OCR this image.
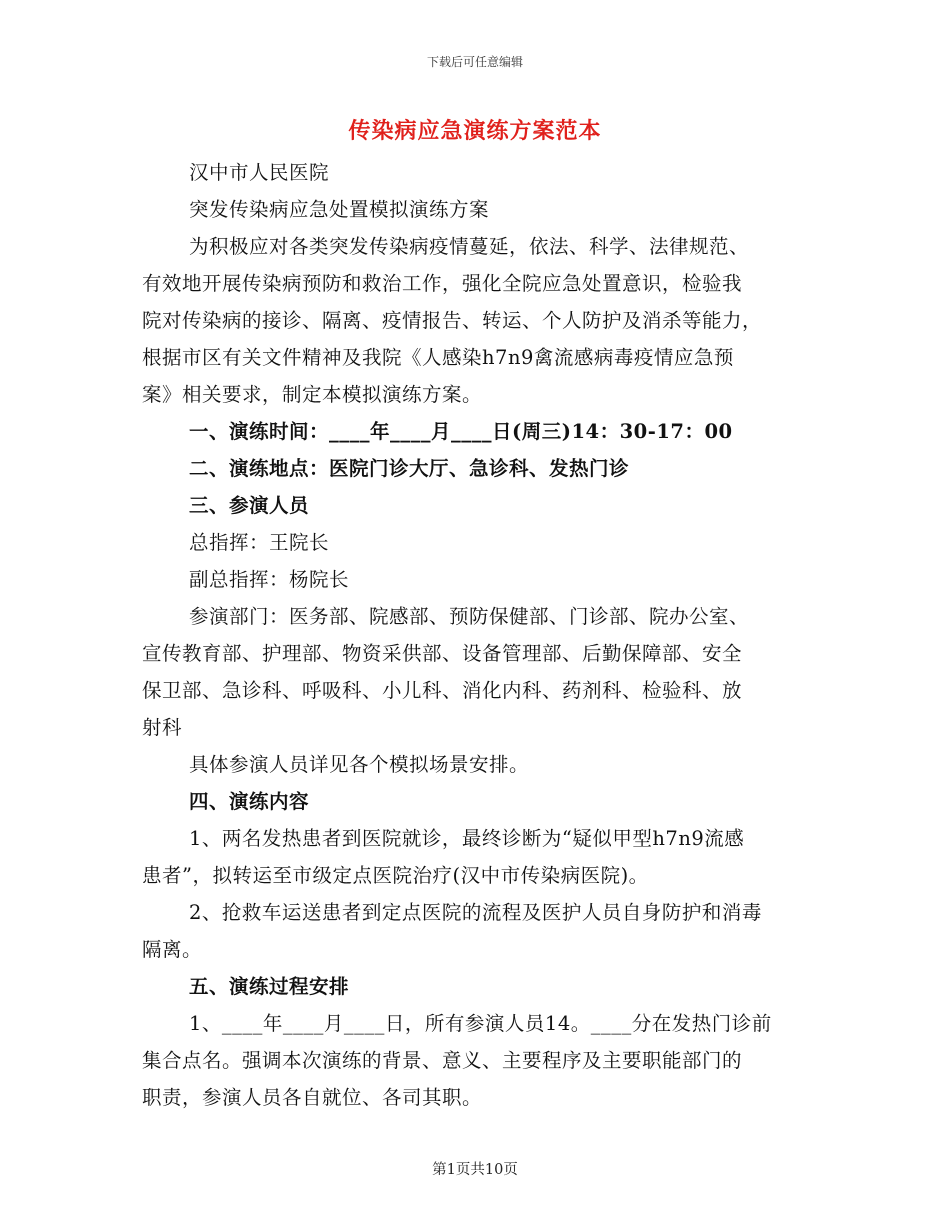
下载后可任意编辑
传染病应急演练方案范本
汉中市人民医院
突发传染病应急处置模拟演练方案
为积极应对各类突发传染病疫情蔓延，依法、科学、法律规范、
有效地开展传染病预防和救治工作，强化全院应急处置意识，检验我
院对传染病的接诊、隔离、疫情报告、转运、个人防护及消杀等能力，
根据市区有关文件精神及我院《人感染h7n9禽流感病毒疫情应急预
案》相关要求，制定本模拟演练方案。
一、演练时间：____年____月____日(周三)14：30-17：00
二、演练地点：医院门诊大厅、急诊科、发热门诊
三、参演人员
总指挥：王院长
副总指挥：杨院长
参演部门：医务部、院感部、预防保健部、门诊部、院办公室、
宣传教育部、护理部、物资采供部、设备管理部、后勤保障部、安全
保卫部、急诊科、呼吸科、小儿科、消化内科、药剂科、检验科、放
射科
具体参演人员详见各个模拟场景安排。
四、演练内容
1、两名发热患者到医院就诊，最终诊断为“疑似甲型h7n9流感
患者”，拟转运至市级定点医院治疗(汉中市传染病医院)。
2、抢救车运送患者到定点医院的流程及医护人员自身防护和消毒
隔离。
五、演练过程安排
1、____年____月____日，所有参演人员14。____分在发热门诊前
集合点名。强调本次演练的背景、意义、主要程序及主要职能部门的
职责，参演人员各自就位、各司其职。
第1页共10页
